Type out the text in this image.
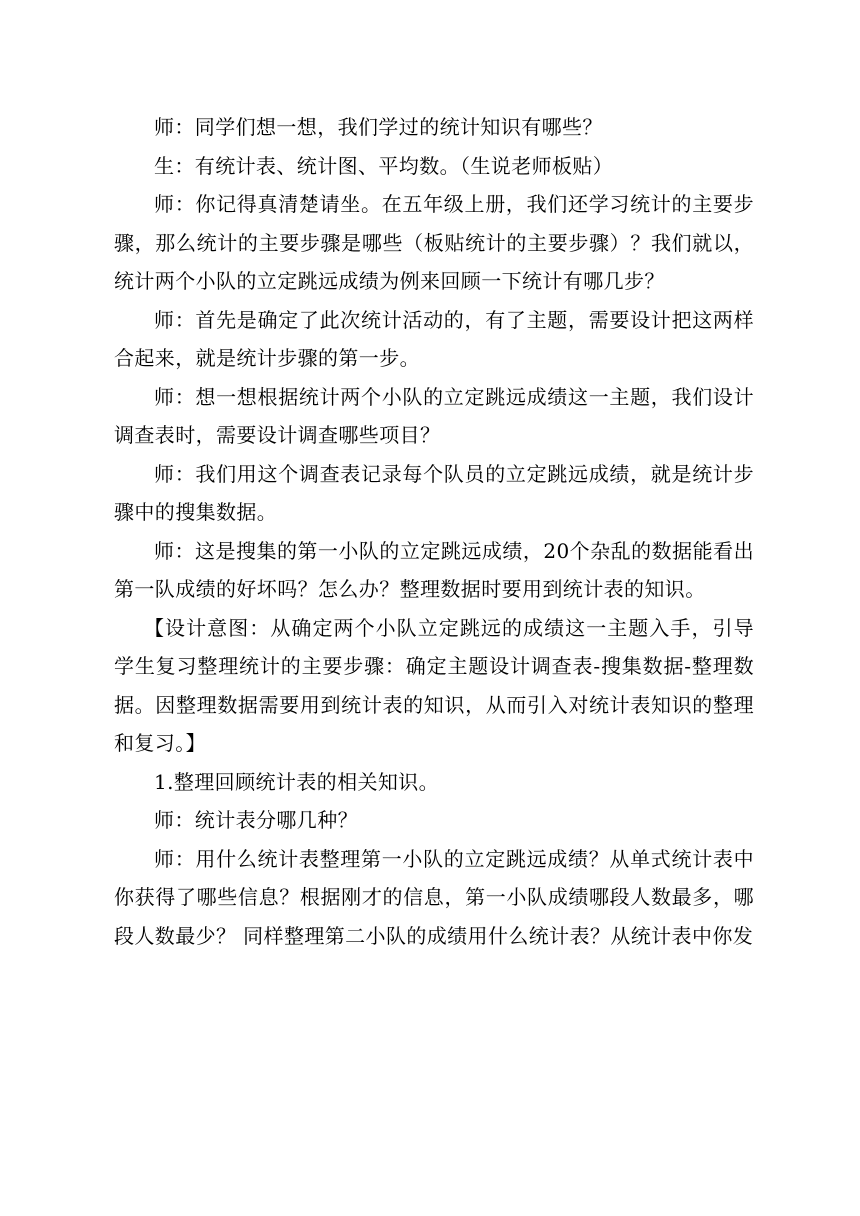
师：同学们想一想，我们学过的统计知识有哪些？

生：有统计表、统计图、平均数。（生说老师板贴）

师：你记得真清楚请坐。在五年级上册，我们还学习统计的主要步骤，那么统计的主要步骤是哪些（板贴统计的主要步骤）？我们就以，统计两个小队的立定跳远成绩为例来回顾一下统计有哪几步？

师：首先是确定了此次统计活动的，有了主题，需要设计把这两样合起来，就是统计步骤的第一步。

师：想一想根据统计两个小队的立定跳远成绩这一主题，我们设计调查表时，需要设计调查哪些项目？

师：我们用这个调查表记录每个队员的立定跳远成绩，就是统计步骤中的搜集数据。

师：这是搜集的第一小队的立定跳远成绩，20个杂乱的数据能看出第一队成绩的好坏吗？怎么办？整理数据时要用到统计表的知识。

【设计意图：从确定两个小队立定跳远的成绩这一主题入手，引导学生复习整理统计的主要步骤：确定主题设计调查表-搜集数据-整理数据。因整理数据需要用到统计表的知识，从而引入对统计表知识的整理和复习。】

1.整理回顾统计表的相关知识。

师：统计表分哪几种？

师：用什么统计表整理第一小队的立定跳远成绩？从单式统计表中你获得了哪些信息？根据刚才的信息，第一小队成绩哪段人数最多，哪段人数最少？ 同样整理第二小队的成绩用什么统计表？从统计表中你发
